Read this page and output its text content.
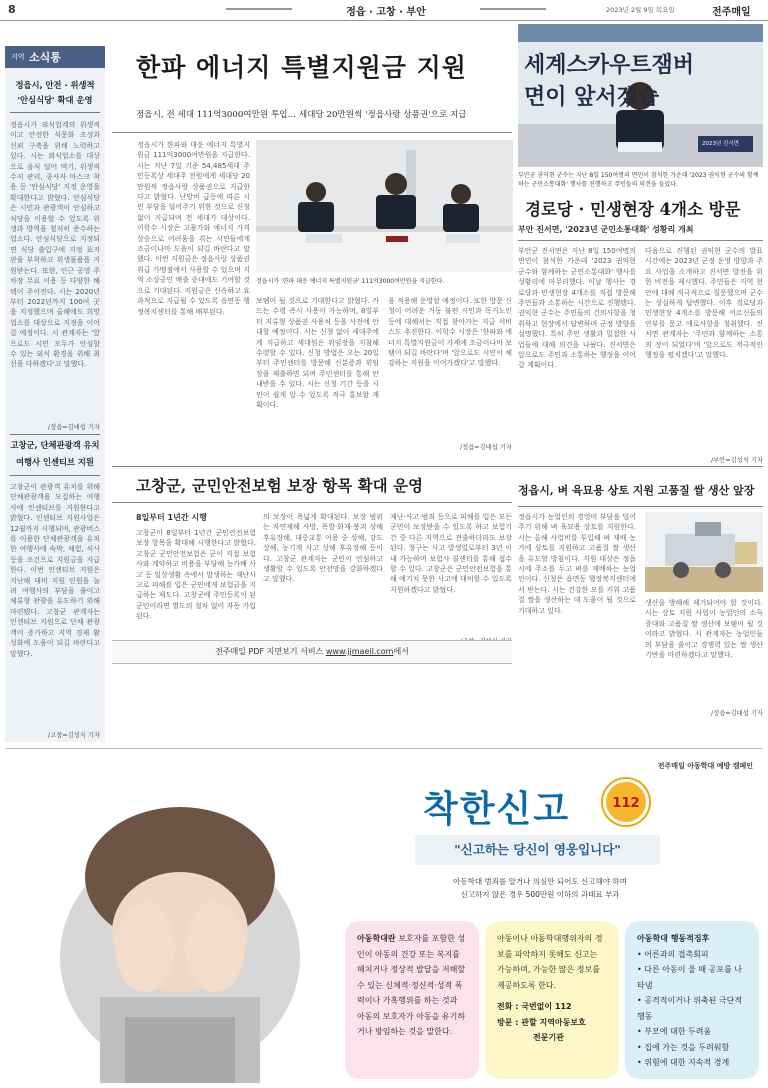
8	정읍 · 고창 · 부안	2023년 2월 9일 목요일	전주매일
지역 소식통
정읍시, 안전 · 위생적
'안심식당' 확대 운영
정읍시가 외식업계의 위생적이고 안전한 식문화 조성과 신뢰 구축을 위해 노력하고 있다. 시는 외식업소를 대상으로 음식 덜어 먹기, 위생적 수저 관리, 종사자 마스크 착용 등 '안심식당' 지정 운영을 확대한다고 밝혔다. 안심식당은 시민과 관광객이 안심하고 식당을 이용할 수 있도록 위생과 방역을 철저히 준수하는 업소다. 안심식당으로 지정되면 식당 출입구에 지정 표지판을 부착하고 위생물품을 지원받는다. 또한, 인근 공영 주차장 무료 이용 등 다양한 혜택이 주어진다. 시는 2020년부터 2022년까지 100여 곳을 지정했으며 올해에도 희망 업소를 대상으로 지정을 이어갈 예정이다. 시 관계자는 '앞으로도 시민 모두가 안심할 수 있는 외식 환경을 위해 최선을 다하겠다'고 말했다.
/정읍=김대섭 기자
고창군, 단체관광객 유치
여행사 인센티브 지원
고창군이 관광객 유치를 위해 단체관광객을 모집하는 여행사에 인센티브를 지원한다고 밝혔다. 인센티브 지원사업은 12월까지 시행되며, 관광버스를 이용한 단체관광객을 유치한 여행사에 숙박, 체험, 식사 등을 조건으로 지원금을 지급한다. 이번 인센티브 지원은 지난해 대비 지원 인원을 늘려 여행사의 부담을 줄이고 체류형 관광을 유도하기 위해 마련됐다. 고창군 관계자는 인센티브 지원으로 단체 관광객이 증가하고 지역 경제 활성화에 도움이 되길 바란다고 말했다.
/고창=김성식 기자
한파 에너지 특별지원금 지원
정읍시, 전 세대 111억3000여만원 투입… 세대당 20만원씩 '정읍사랑 상품권'으로 지급
정읍시가 한파와 대응 에너지 특별지원금 111억3000여만원을 지급한다. 시는 지난 7일 기준 54,485세대 주민등록상 세대주 전원에게 세대당 20만원씩 정읍사랑 상품권으로 지급한다고 밝혔다. 난방비 급등에 따른 시민 부담을 덜어주기 위한 것으로 신청 없이 지급되며 전 세대가 대상이다. 이학수 시장은 고물가와 에너지 가격 상승으로 어려움을 겪는 시민들에게 조금이나마 도움이 되길 바란다고 말했다. 이번 지원금은 정읍사랑 상품권 취급 가맹점에서 사용할 수 있으며 지역 소상공인 매출 증대에도 기여할 것으로 기대된다. 지원금은 신속하고 효과적으로 지급될 수 있도록 읍면동 행정복지센터를 통해 배부된다.
정읍시가 '한파 대응 에너지 특별지원금' 111억3000여만원을 지급한다.
보탬이 될 것으로 기대한다고 밝혔다. 카드는 수령 즉시 사용이 가능하며, 8일부터 지류형 상품권 사용처 등을 사전에 안내할 예정이다. 시는 신청 없이 세대주에게 지급하고 세대원은 위임장을 지참해 수령할 수 있다. 신청 방법은 오는 20일부터 주민센터를 방문해 신분증과 위임장을 제출하면 되며 주민센터를 통해 안내받을 수 있다. 시는 신청 기간 등을 시민이 쉽게 알 수 있도록 적극 홍보할 계획이다.
을 적용해 운영할 예정이다. 또한 방문 신청이 어려운 거동 불편 시민과 독거노인 등에 대해서는 직접 찾아가는 지급 서비스도 추진한다. 이학수 시장은 '한파와 에너지 특별지원금이 가계에 조금이나마 보탬이 되길 바란다'며 '앞으로도 시민이 체감하는 지원을 이어가겠다'고 말했다.
/정읍=김대섭 기자
세계스카우트잼버
면이 앞서겠습
2023년 진서면
부안군 권익현 군수는 지난 8일 150여명의 면민이 참석한 가운데 '2023 권익현 군수의 함께하는 군민소통대화' 행사를 진행하고 주민들의 의견을 들었다.
경로당 · 민생현장 4개소 방문
부안 진서면, '2023년 군민소통대화' 성황리 개최
부안군 진서면은 지난 8일 150여명의 면민이 참석한 가운데 '2023 권익현 군수와 함께하는 군민소통대화' 행사를 성황리에 마무리했다. 이날 행사는 경로당과 민생현장 4개소를 직접 방문해 주민들과 소통하는 시간으로 진행됐다. 권익현 군수는 주민들의 건의사항을 청취하고 현장에서 답변하며 군정 방향을 설명했다. 특히 주민 생활과 밀접한 사업들에 대해 의견을 나눴다. 진서면은 앞으로도 주민과 소통하는 행정을 이어갈 계획이다.
다음으로 진행된 권익현 군수의 발표 시간에는 2023년 군정 운영 방향과 주요 사업을 소개하고 진서면 발전을 위한 비전을 제시했다. 주민들은 지역 현안에 대해 적극적으로 질문했으며 군수는 성실하게 답변했다. 이후 경로당과 민생현장 4개소를 방문해 어르신들의 안부를 묻고 애로사항을 청취했다. 진서면 관계자는 '주민과 함께하는 소통의 장이 되었다'며 '앞으로도 적극적인 행정을 펼치겠다'고 말했다.
/부안=김성식 기자
고창군, 군민안전보험 보장 항목 확대 운영
8일부터 1년간 시행
고창군이 8일부터 1년간 군민안전보험 보장 항목을 확대해 시행한다고 밝혔다. 고창군 군민안전보험은 군이 직접 보험사와 계약하고 비용을 부담해 농가배 사고 등 일상생활 속에서 발생하는 재난사고로 피해를 입은 군민에게 보험금을 지급하는 제도다. 고창군에 주민등록이 된 군민이라면 별도의 절차 없이 자동 가입된다.
의 보장이 폭넓게 확대된다. 보장 범위는 자연재해 사망, 폭발·화재·붕괴 상해 후유장해, 대중교통 이용 중 상해, 강도 상해, 농기계 사고 상해 후유장해 등이다. 고창군 관계자는 군민이 안심하고 생활할 수 있도록 안전망을 강화하겠다고 말했다.
재난·사고·범죄 등으로 피해를 입은 모든 군민이 보장받을 수 있도록 하고 보험기간 중 다른 지역으로 전출하더라도 보장된다. 청구는 사고 발생일로부터 3년 이내 가능하며 보험사 콜센터를 통해 접수할 수 있다. 고창군은 군민안전보험을 통해 예기치 못한 사고에 대비할 수 있도록 지원하겠다고 밝혔다.
전주매일 PDF 지면보기 서비스 www.jjmaeil.com에서
정읍시, 벼 육묘용 상토 지원 고품질 쌀 생산 앞장
정읍시가 농업인의 경영비 부담을 덜어 주기 위해 벼 육묘용 상토를 지원한다. 시는 올해 사업비를 투입해 벼 재배 농가에 상토를 지원하고 고품질 쌀 생산을 유도할 방침이다. 지원 대상은 정읍시에 주소를 두고 벼를 재배하는 농업인이다. 신청은 읍면동 행정복지센터에서 받는다. 시는 건강한 모를 키워 고품질 쌀을 생산하는 데 도움이 될 것으로 기대하고 있다.
생산을 방해해 제거되어야 할 것이다. 시는 상토 지원 사업이 농업인의 소득 증대와 고품질 쌀 생산에 보탬이 될 것이라고 밝혔다. 시 관계자는 농업인들의 부담을 줄이고 경쟁력 있는 쌀 생산 기반을 마련하겠다고 말했다.
/정읍=김대섭 기자
전주매일 아동학대 예방 캠페인
착한신고	112
"신고하는 당신이 영웅입니다"
아동학대 범죄를 알거나 의심만 되어도 신고해야 하며
신고하지 않은 경우 500만원 이하의 과태료 부과
아동학대란 보호자를 포함한 성인이 아동의 건강 또는 복지를 해치거나 정상적 발달을 저해할 수 있는 신체적·정신적·성적 폭력이나 가혹행위를 하는 것과 아동의 보호자가 아동을 유기하거나 방임하는 것을 말한다.
아동이나 아동학대행위자의 정보를 파악하지 못해도 신고는 가능하며, 가능한 많은 정보를 제공하도록 한다.
전화 : 국번없이 112
방문 : 관할 지역아동보호
전문기관
아동학대 행동적징후
• 어른과의 접촉회피
• 다른 아동이 울 때 공포를 나타냄
• 공격적이거나 위축된 극단적 행동
• 부모에 대한 두려움
• 집에 가는 것을 두려워함
• 위험에 대한 지속적 경계
